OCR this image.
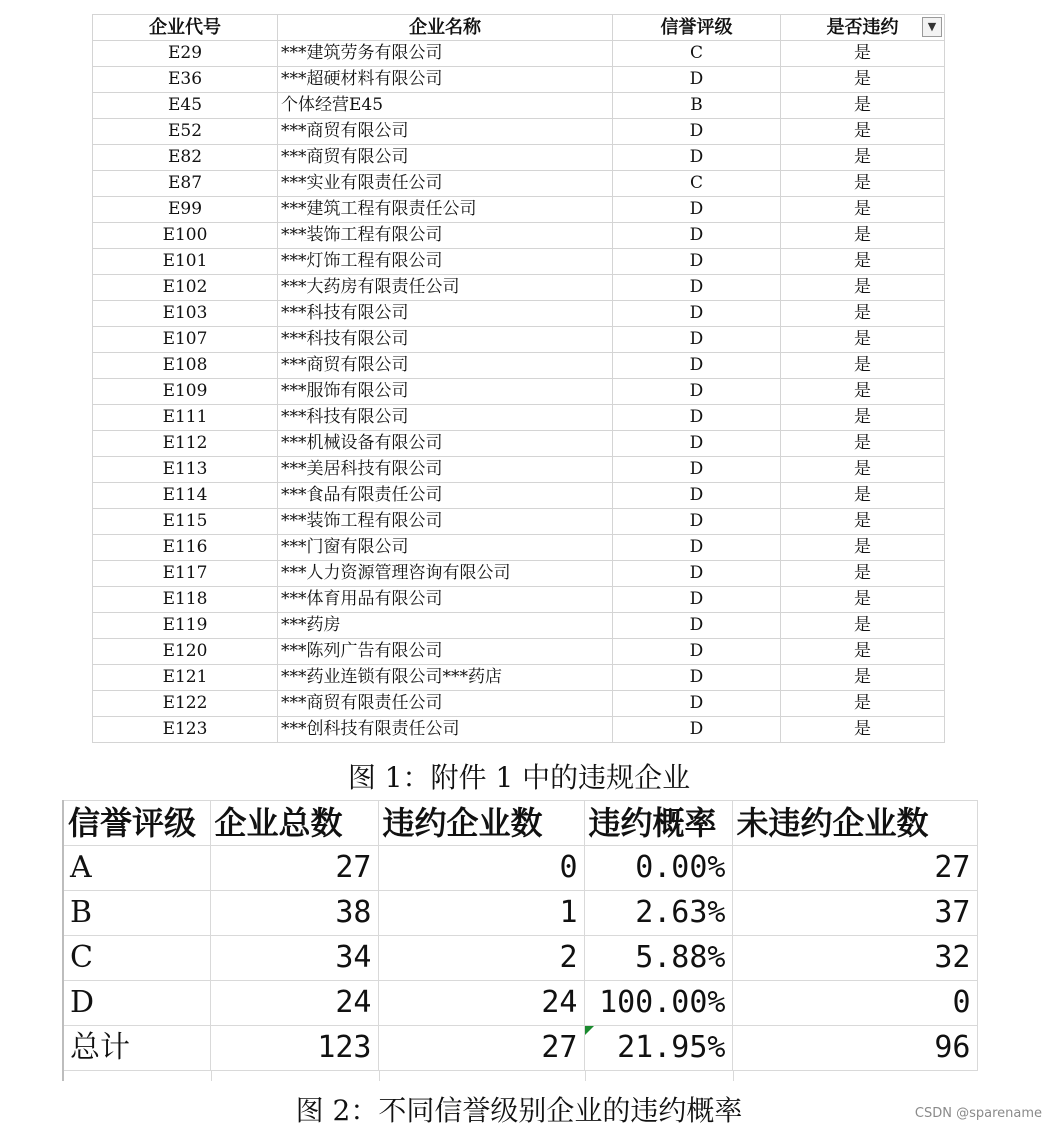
企业代号	企业名称	信誉评级	是否违约 ▼

E29	***建筑劳务有限公司	C	是
E36	***超硬材料有限公司	D	是
E45	个体经营E45	B	是
E52	***商贸有限公司	D	是
E82	***商贸有限公司	D	是
E87	***实业有限责任公司	C	是
E99	***建筑工程有限责任公司	D	是
E100	***装饰工程有限公司	D	是
E101	***灯饰工程有限公司	D	是
E102	***大药房有限责任公司	D	是
E103	***科技有限公司	D	是
E107	***科技有限公司	D	是
E108	***商贸有限公司	D	是
E109	***服饰有限公司	D	是
E111	***科技有限公司	D	是
E112	***机械设备有限公司	D	是
E113	***美居科技有限公司	D	是
E114	***食品有限责任公司	D	是
E115	***装饰工程有限公司	D	是
E116	***门窗有限公司	D	是
E117	***人力资源管理咨询有限公司	D	是
E118	***体育用品有限公司	D	是
E119	***药房	D	是
E120	***陈列广告有限公司	D	是
E121	***药业连锁有限公司***药店	D	是
E122	***商贸有限责任公司	D	是
E123	***创科技有限责任公司	D	是
图 1：附件 1 中的违规企业
信誉评级	企业总数	违约企业数	违约概率	未违约企业数
A	27	0	0.00%	27
B	38	1	2.63%	37
C	34	2	5.88%	32
D	24	24	100.00%	0
总计	123	27	21.95%	96
图 2：不同信誉级别企业的违约概率	CSDN @sparename
